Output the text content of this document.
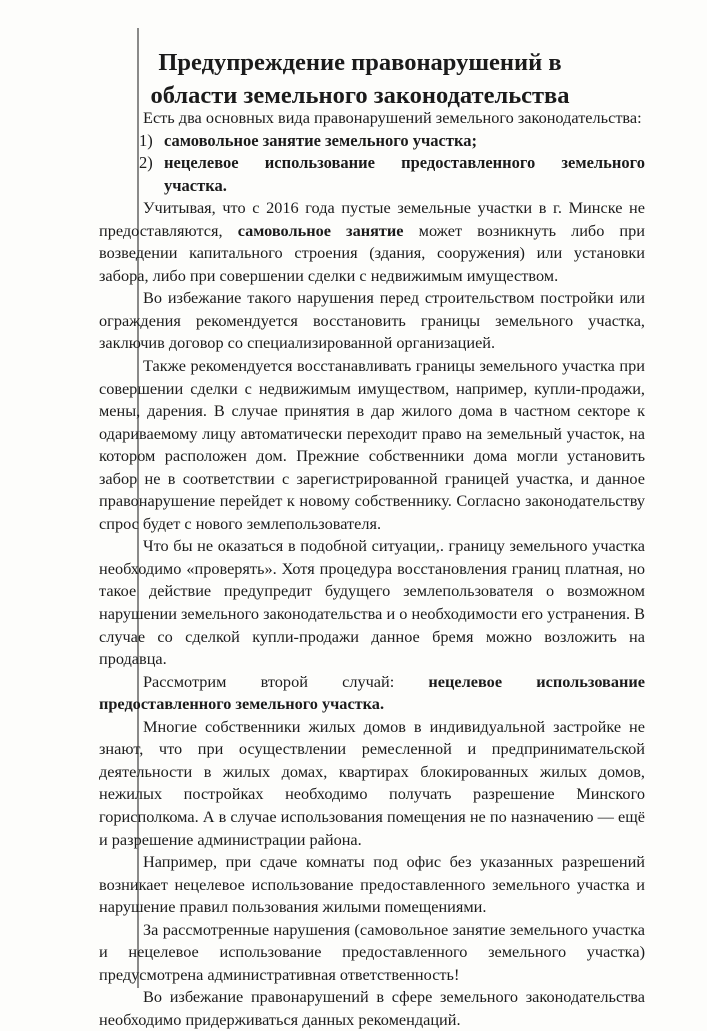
Предупреждение правонарушений в
области земельного законодательства

Есть два основных вида правонарушений земельного законодательства:

1) самовольное занятие земельного участка;
2) нецелевое использование предоставленного земельного участка.

Учитывая, что с 2016 года пустые земельные участки в г. Минске не предоставляются, самовольное занятие может возникнуть либо при возведении капитального строения (здания, сооружения) или установки забора, либо при совершении сделки с недвижимым имуществом.

Во избежание такого нарушения перед строительством постройки или ограждения рекомендуется восстановить границы земельного участка, заключив договор со специализированной организацией.

Также рекомендуется восстанавливать границы земельного участка при совершении сделки с недвижимым имуществом, например, купли-продажи, мены, дарения. В случае принятия в дар жилого дома в частном секторе к одариваемому лицу автоматически переходит право на земельный участок, на котором расположен дом. Прежние собственники дома могли установить забор не в соответствии с зарегистрированной границей участка, и данное правонарушение перейдет к новому собственнику. Согласно законодательству спрос будет с нового землепользователя.

Что бы не оказаться в подобной ситуации,. границу земельного участка необходимо «проверять». Хотя процедура восстановления границ платная, но такое действие предупредит будущего землепользователя о возможном нарушении земельного законодательства и о необходимости его устранения. В случае со сделкой купли-продажи данное бремя можно возложить на продавца.

Рассмотрим второй случай: нецелевое использование предоставленного земельного участка.

Многие собственники жилых домов в индивидуальной застройке не знают, что при осуществлении ремесленной и предпринимательской деятельности в жилых домах, квартирах блокированных жилых домов, нежилых постройках необходимо получать разрешение Минского горисполкома. А в случае использования помещения не по назначению — ещё и разрешение администрации района.

Например, при сдаче комнаты под офис без указанных разрешений возникает нецелевое использование предоставленного земельного участка и нарушение правил пользования жилыми помещениями.

За рассмотренные нарушения (самовольное занятие земельного участка и нецелевое использование предоставленного земельного участка) предусмотрена административная ответственность!

Во избежание правонарушений в сфере земельного законодательства необходимо придерживаться данных рекомендаций.
